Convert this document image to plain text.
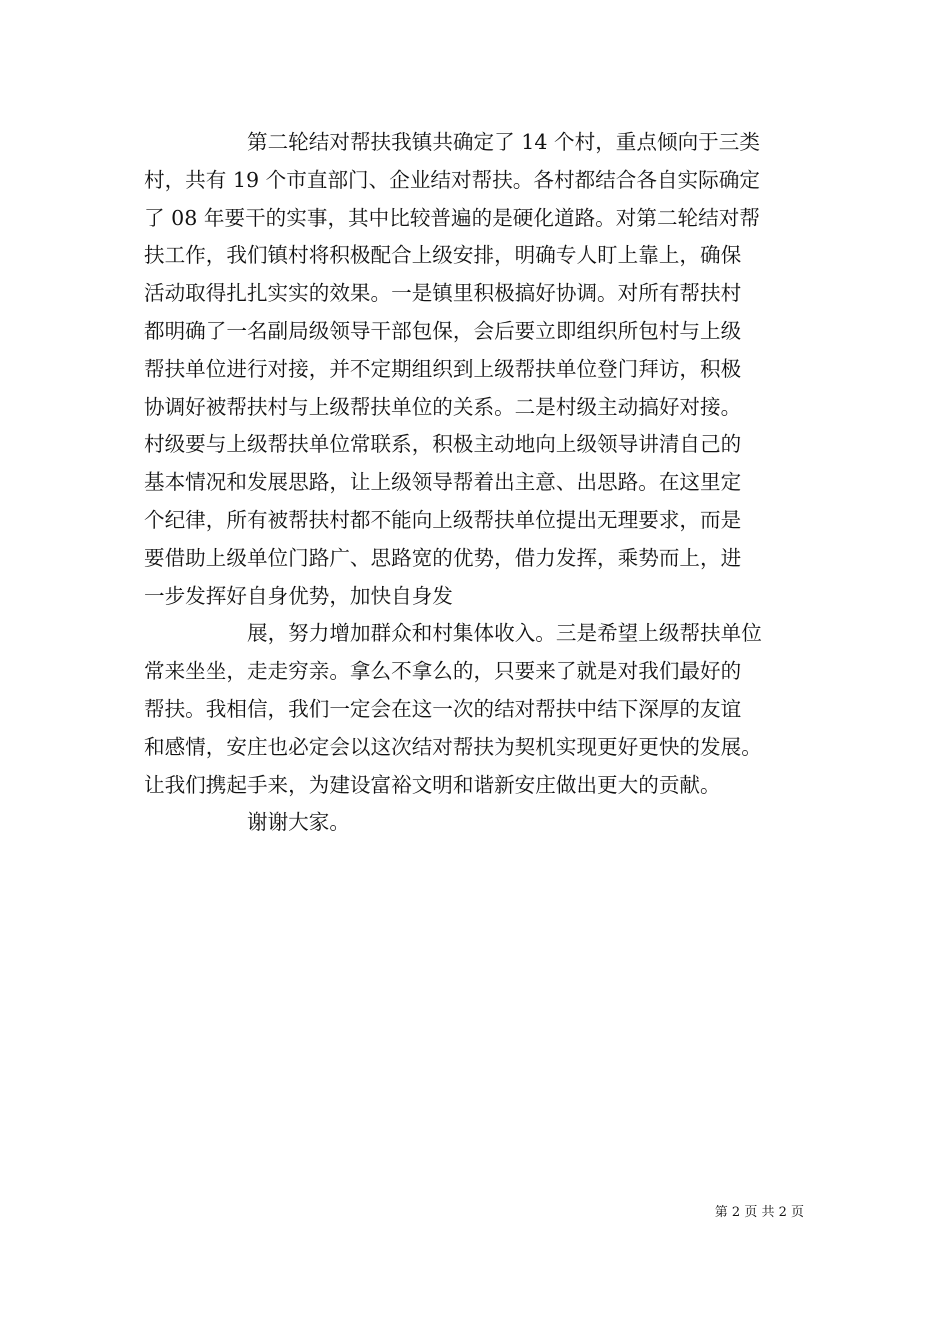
第二轮结对帮扶我镇共确定了 14 个村，重点倾向于三类
村，共有 19 个市直部门、企业结对帮扶。各村都结合各自实际确定
了 08 年要干的实事，其中比较普遍的是硬化道路。对第二轮结对帮
扶工作，我们镇村将积极配合上级安排，明确专人盯上靠上，确保
活动取得扎扎实实的效果。一是镇里积极搞好协调。对所有帮扶村
都明确了一名副局级领导干部包保，会后要立即组织所包村与上级
帮扶单位进行对接，并不定期组织到上级帮扶单位登门拜访，积极
协调好被帮扶村与上级帮扶单位的关系。二是村级主动搞好对接。
村级要与上级帮扶单位常联系，积极主动地向上级领导讲清自己的
基本情况和发展思路，让上级领导帮着出主意、出思路。在这里定
个纪律，所有被帮扶村都不能向上级帮扶单位提出无理要求，而是
要借助上级单位门路广、思路宽的优势，借力发挥，乘势而上，进
一步发挥好自身优势，加快自身发
展，努力增加群众和村集体收入。三是希望上级帮扶单位
常来坐坐，走走穷亲。拿么不拿么的，只要来了就是对我们最好的
帮扶。我相信，我们一定会在这一次的结对帮扶中结下深厚的友谊
和感情，安庄也必定会以这次结对帮扶为契机实现更好更快的发展。
让我们携起手来，为建设富裕文明和谐新安庄做出更大的贡献。
谢谢大家。
第 2 页 共 2 页
